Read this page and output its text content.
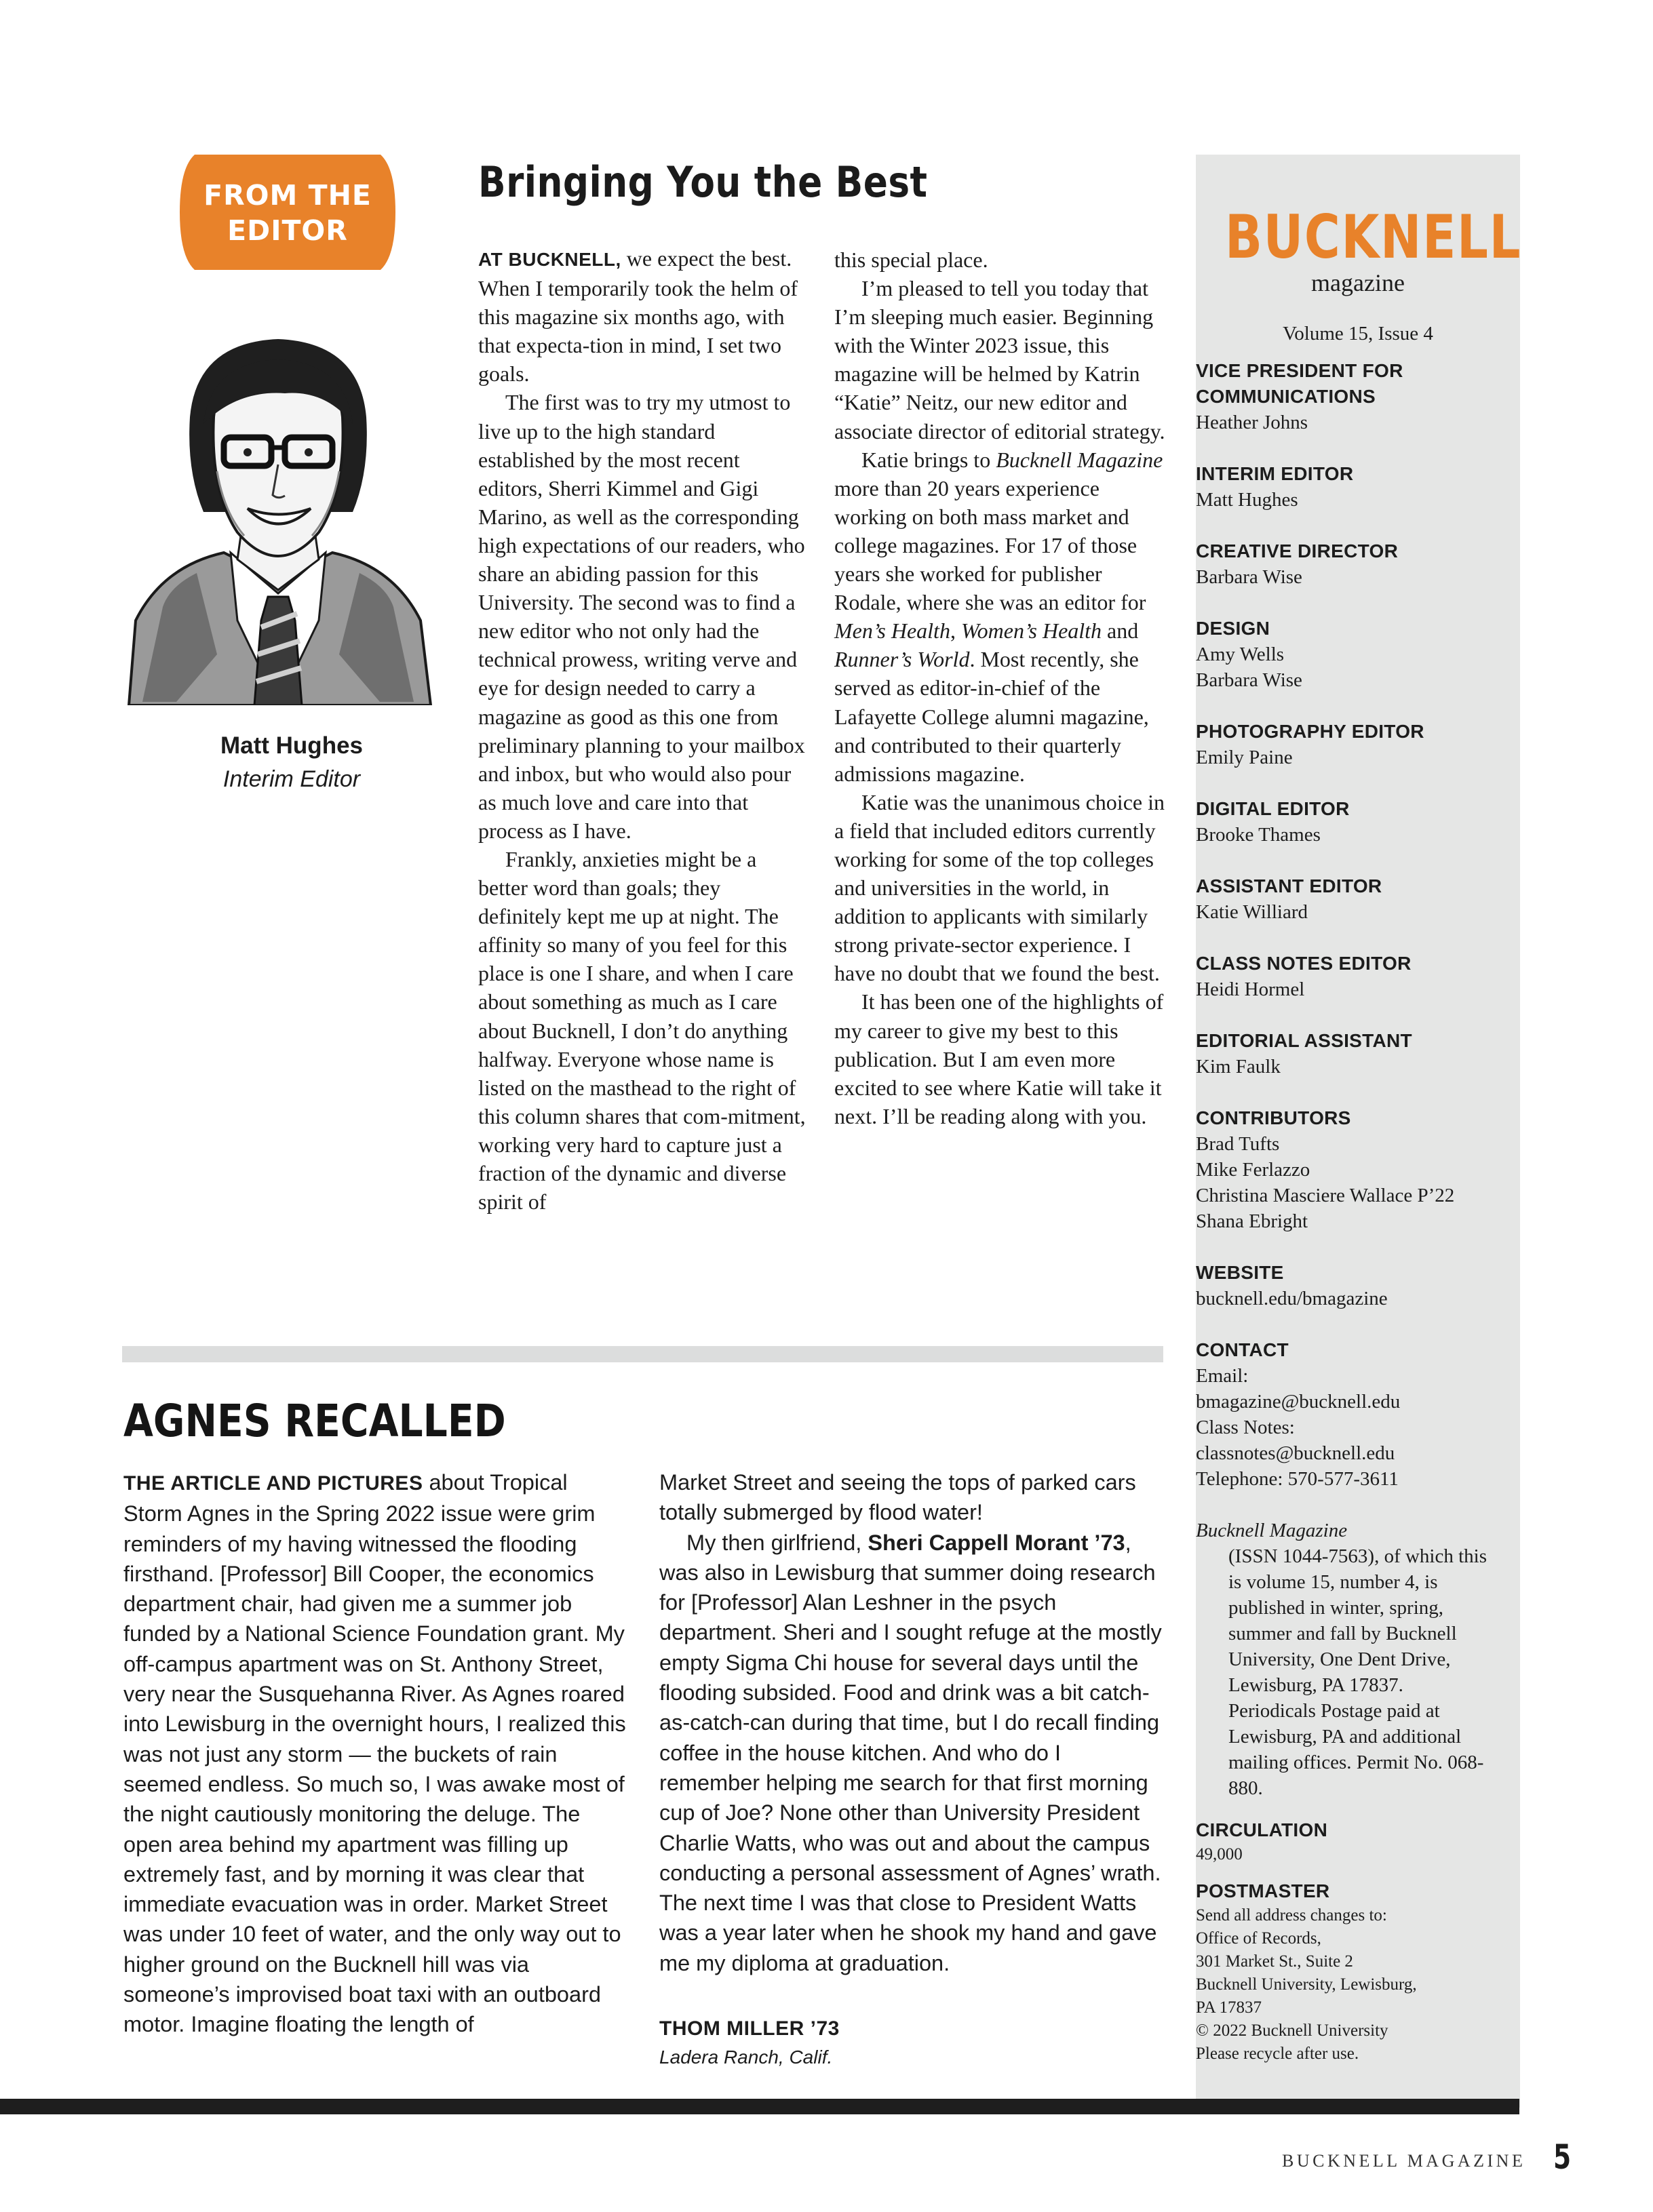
FROM THE
EDITOR
Matt Hughes
Interim Editor
Bringing You the Best

AT BUCKNELL, we expect the best. When I temporarily took the helm of this magazine six months ago, with that expecta-tion in mind, I set two goals.

The first was to try my utmost to live up to the high standard established by the most recent editors, Sherri Kimmel and Gigi Marino, as well as the corresponding high expectations of our readers, who share an abiding passion for this University. The second was to find a new editor who not only had the technical prowess, writing verve and eye for design needed to carry a magazine as good as this one from preliminary planning to your mailbox and inbox, but who would also pour as much love and care into that process as I have.

Frankly, anxieties might be a better word than goals; they definitely kept me up at night. The affinity so many of you feel for this place is one I share, and when I care about something as much as I care about Bucknell, I don’t do anything halfway. Everyone whose name is listed on the masthead to the right of this column shares that com-mitment, working very hard to capture just a fraction of the dynamic and diverse spirit of

this special place.

I’m pleased to tell you today that I’m sleeping much easier. Beginning with the Winter 2023 issue, this magazine will be helmed by Katrin “Katie” Neitz, our new editor and associate director of editorial strategy.

Katie brings to Bucknell Magazine more than 20 years experience working on both mass market and college magazines. For 17 of those years she worked for publisher Rodale, where she was an editor for Men’s Health, Women’s Health and Runner’s World. Most recently, she served as editor-in-chief of the Lafayette College alumni magazine, and contributed to their quarterly admissions magazine.

Katie was the unanimous choice in a field that included editors currently working for some of the top colleges and universities in the world, in addition to applicants with similarly strong private-sector experience. I have no doubt that we found the best.

It has been one of the highlights of my career to give my best to this publication. But I am even more excited to see where Katie will take it next. I’ll be reading along with you.

AGNES RECALLED

THE ARTICLE AND PICTURES about Tropical Storm Agnes in the Spring 2022 issue were grim reminders of my having witnessed the flooding firsthand. [Professor] Bill Cooper, the economics department chair, had given me a summer job funded by a National Science Foundation grant. My off-campus apartment was on St. Anthony Street, very near the Susquehanna River. As Agnes roared into Lewisburg in the overnight hours, I realized this was not just any storm — the buckets of rain seemed endless. So much so, I was awake most of the night cautiously monitoring the deluge. The open area behind my apartment was filling up extremely fast, and by morning it was clear that immediate evacuation was in order. Market Street was under 10 feet of water, and the only way out to higher ground on the Bucknell hill was via someone’s improvised boat taxi with an outboard motor. Imagine floating the length of

Market Street and seeing the tops of parked cars totally submerged by flood water!

My then girlfriend, Sheri Cappell Morant ’73, was also in Lewisburg that summer doing research for [Professor] Alan Leshner in the psych department. Sheri and I sought refuge at the mostly empty Sigma Chi house for several days until the flooding subsided. Food and drink was a bit catch-as-catch-can during that time, but I do recall finding coffee in the house kitchen. And who do I remember helping me search for that first morning cup of Joe? None other than University President Charlie Watts, who was out and about the campus conducting a personal assessment of Agnes’ wrath. The next time I was that close to President Watts was a year later when he shook my hand and gave me my diploma at graduation.

THOM MILLER ’73
Ladera Ranch, Calif.
BUCKNELL
magazine
Volume 15, Issue 4

VICE PRESIDENT FOR COMMUNICATIONS

Heather Johns

INTERIM EDITOR

Matt Hughes

CREATIVE DIRECTOR

Barbara Wise

DESIGN

Amy Wells

Barbara Wise

PHOTOGRAPHY EDITOR

Emily Paine

DIGITAL EDITOR

Brooke Thames

ASSISTANT EDITOR

Katie Williard

CLASS NOTES EDITOR

Heidi Hormel

EDITORIAL ASSISTANT

Kim Faulk

CONTRIBUTORS

Brad Tufts

Mike Ferlazzo

Christina Masciere Wallace P’22

Shana Ebright

WEBSITE

bucknell.edu/bmagazine

CONTACT

Email:

bmagazine@bucknell.edu

Class Notes:

classnotes@bucknell.edu

Telephone: 570-577-3611

Bucknell Magazine

(ISSN 1044-7563), of which this is volume 15, number 4, is published in winter, spring, summer and fall by Bucknell University, One Dent Drive, Lewisburg, PA 17837. Periodicals Postage paid at Lewisburg, PA and additional mailing offices. Permit No. 068-880.

CIRCULATION

49,000

POSTMASTER

Send all address changes to:

Office of Records,

301 Market St., Suite 2

Bucknell University, Lewisburg,

PA 17837

© 2022 Bucknell University

Please recycle after use.

BUCKNELL MAGAZINE 5
